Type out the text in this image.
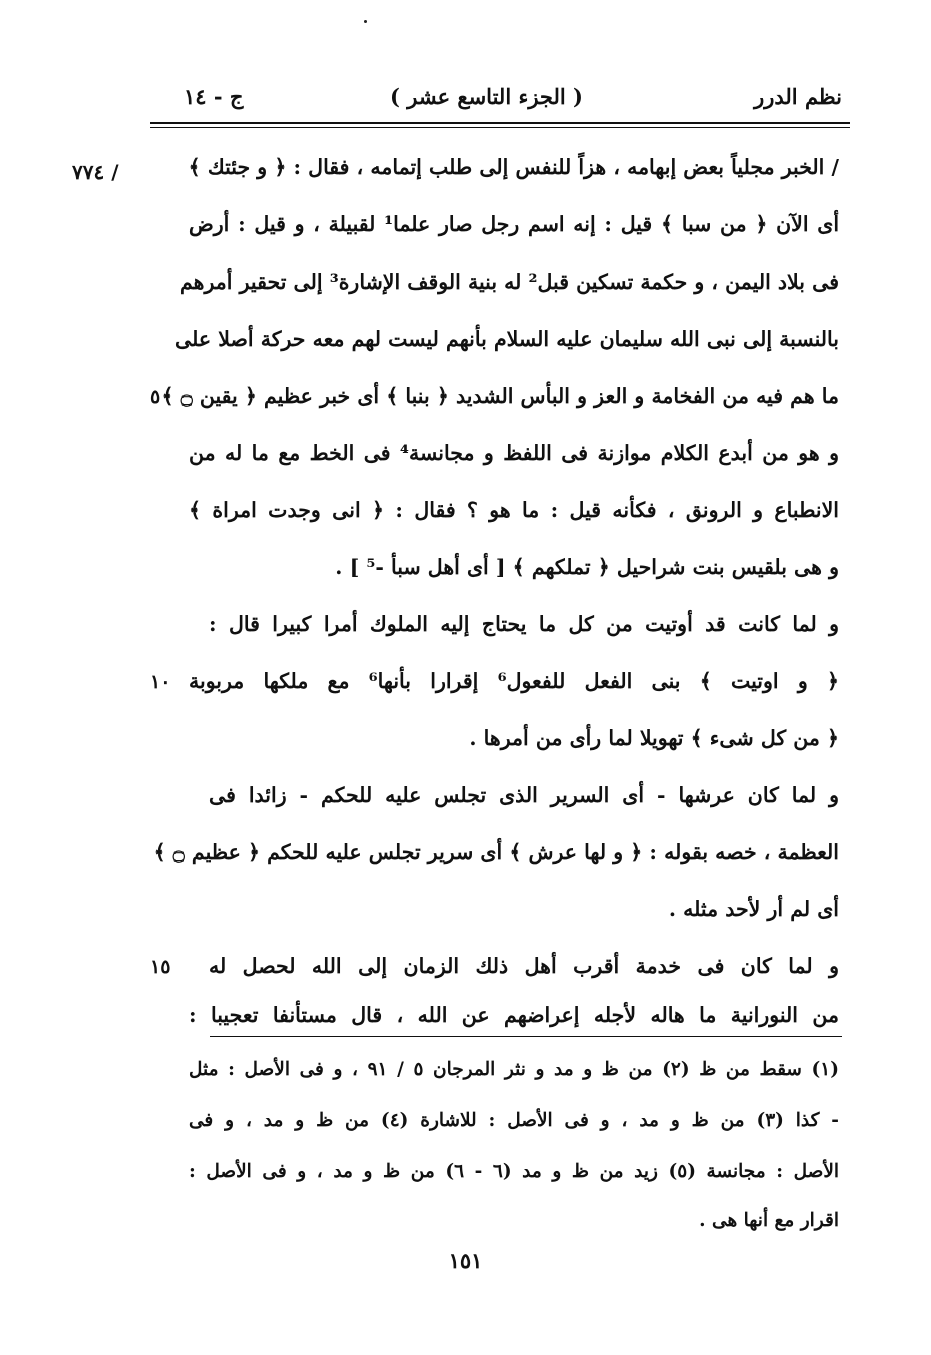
نظم الدرر
( الجزء التاسع عشر )
ج - ١٤
/ ٧٧٤	/ الخبر مجلياً بعض إبهامه ، هزاً للنفس إلى طلب إتمامه ، فقال : ﴿ و جئتك ﴾
أى الآن ﴿ من سبا ﴾ قيل : إنه اسم رجل صار علما¹ لقبيلة ، و قيل : أرض
فى بلاد اليمن ، و حكمة تسكين قبل² له بنية الوقف الإشارة³ إلى تحقير أمرهم
بالنسبة إلى نبى الله سليمان عليه السلام بأنهم ليست لهم معه حركة أصلا على
ما هم فيه من الفخامة و العز و البأس الشديد ﴿ بنبا ﴾ أى خبر عظيم ﴿ يقين ۝ ﴾
٥
و هو من أبدع الكلام موازنة فى اللفظ و مجانسة⁴ فى الخط مع ما له من
الانطباع و الرونق ، فكأنه قيل : ما هو ؟ فقال : ﴿ انى وجدت امراة ﴾
و هى بلقيس بنت شراحيل ﴿ تملكهم ﴾ [ أى أهل سبأ -⁵ ] .
و لما كانت قد أوتيت من كل ما يحتاج إليه الملوك أمرا كبيرا قال :
﴿ و اوتيت ﴾ بنى الفعل للفعول⁶ إقرارا بأنها⁶ مع ملكها مربوبة
١٠
﴿ من كل شىء ﴾ تهويلا لما رأى من أمرها .
و لما كان عرشها - أى السرير الذى تجلس عليه للحكم - زائدا فى
العظمة ، خصه بقوله : ﴿ و لها عرش ﴾ أى سرير تجلس عليه للحكم ﴿ عظيم ۝ ﴾
أى لم أر لأحد مثله .
و لما كان فى خدمة أقرب أهل ذلك الزمان إلى الله لحصل له
١٥
من النورانية ما هاله لأجله إعراضهم عن الله ، قال مستأنفا تعجيبا :
(١) سقط من ظ (٢) من ظ و مد و نثر المرجان ٥ / ٩١ ، و فى الأصل : مثل
- كذا (٣) من ظ و مد ، و فى الأصل : للاشارة (٤) من ظ و مد ، و فى
الأصل : مجانسة (٥) زيد من ظ و مد (٦ - ٦) من ظ و مد ، و فى الأصل :
اقرار مع أنها هى .
١٥١
